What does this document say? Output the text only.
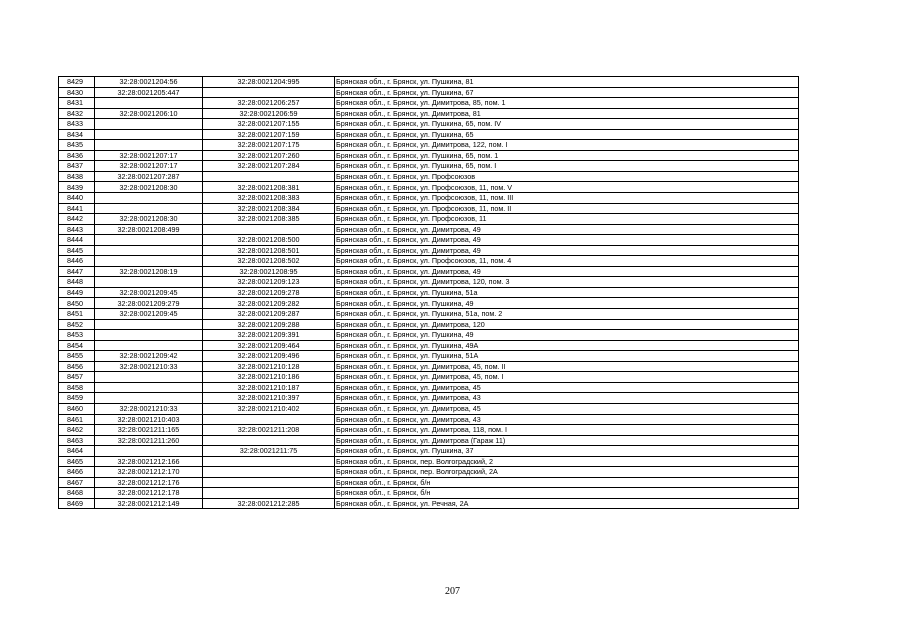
8429	32:28:0021204:56	32:28:0021204:995	Брянская обл., г. Брянск, ул. Пушкина, 81
8430	32:28:0021205:447		Брянская обл., г. Брянск, ул. Пушкина, 67
8431		32:28:0021206:257	Брянская обл., г. Брянск, ул. Димитрова, 85, пом. 1
8432	32:28:0021206:10	32:28:0021206:59	Брянская обл., г. Брянск, ул. Димитрова, 81
8433		32:28:0021207:155	Брянская обл., г. Брянск, ул. Пушкина, 65, пом. IV
8434		32:28:0021207:159	Брянская обл., г. Брянск, ул. Пушкина, 65
8435		32:28:0021207:175	Брянская обл., г. Брянск, ул. Димитрова, 122, пом. I
8436	32:28:0021207:17	32:28:0021207:260	Брянская обл., г. Брянск, ул. Пушкина, 65, пом. 1
8437	32:28:0021207:17	32:28:0021207:284	Брянская обл., г. Брянск, ул. Пушкина, 65, пом. I
8438	32:28:0021207:287		Брянская обл., г. Брянск, ул. Профсоюзов
8439	32:28:0021208:30	32:28:0021208:381	Брянская обл., г. Брянск, ул. Профсоюзов, 11, пом. V
8440		32:28:0021208:383	Брянская обл., г. Брянск, ул. Профсоюзов, 11, пом. III
8441		32:28:0021208:384	Брянская обл., г. Брянск, ул. Профсоюзов, 11, пом. II
8442	32:28:0021208:30	32:28:0021208:385	Брянская обл., г. Брянск, ул. Профсоюзов, 11
8443	32:28:0021208:499		Брянская обл., г. Брянск, ул. Димитрова, 49
8444		32:28:0021208:500	Брянская обл., г. Брянск, ул. Димитрова, 49
8445		32:28:0021208:501	Брянская обл., г. Брянск, ул. Димитрова, 49
8446		32:28:0021208:502	Брянская обл., г. Брянск, ул. Профсоюзов, 11, пом. 4
8447	32:28:0021208:19	32:28:0021208:95	Брянская обл., г. Брянск, ул. Димитрова, 49
8448		32:28:0021209:123	Брянская обл., г. Брянск, ул. Димитрова, 120, пом. 3
8449	32:28:0021209:45	32:28:0021209:278	Брянская обл., г. Брянск, ул. Пушкина, 51а
8450	32:28:0021209:279	32:28:0021209:282	Брянская обл., г. Брянск, ул. Пушкина, 49
8451	32:28:0021209:45	32:28:0021209:287	Брянская обл., г. Брянск, ул. Пушкина, 51а, пом. 2
8452		32:28:0021209:288	Брянская обл., г. Брянск, ул. Димитрова, 120
8453		32:28:0021209:391	Брянская обл., г. Брянск, ул. Пушкина, 49
8454		32:28:0021209:464	Брянская обл., г. Брянск, ул. Пушкина, 49А
8455	32:28:0021209:42	32:28:0021209:496	Брянская обл., г. Брянск, ул. Пушкина, 51А
8456	32:28:0021210:33	32:28:0021210:128	Брянская обл., г. Брянск, ул. Димитрова, 45, пом. II
8457		32:28:0021210:186	Брянская обл., г. Брянск, ул. Димитрова, 45, пом. I
8458		32:28:0021210:187	Брянская обл., г. Брянск, ул. Димитрова, 45
8459		32:28:0021210:397	Брянская обл., г. Брянск, ул. Димитрова, 43
8460	32:28:0021210:33	32:28:0021210:402	Брянская обл., г. Брянск, ул. Димитрова, 45
8461	32:28:0021210:403		Брянская обл., г. Брянск, ул. Димитрова, 43
8462	32:28:0021211:165	32:28:0021211:208	Брянская обл., г. Брянск, ул. Димитрова, 118, пом. I
8463	32:28:0021211:260		Брянская обл., г. Брянск, ул. Димитрова (Гараж 11)
8464		32:28:0021211:75	Брянская обл., г. Брянск, ул. Пушкина, 37
8465	32:28:0021212:166		Брянская обл., г. Брянск, пер. Волгоградский, 2
8466	32:28:0021212:170		Брянская обл., г. Брянск, пер. Волгоградский, 2А
8467	32:28:0021212:176		Брянская обл., г. Брянск, б/н
8468	32:28:0021212:178		Брянская обл., г. Брянск, б/н
8469	32:28:0021212:149	32:28:0021212:285	Брянская обл., г. Брянск, ул. Речная, 2А
207
